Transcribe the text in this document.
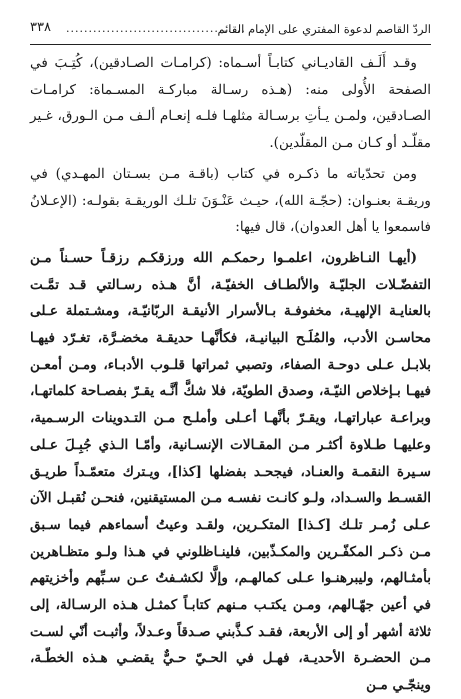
الردّ القاصم لدعوة المفتري على الإمام القائم
........................................
٣٣٨

وقـد أَلَـف القاديـاني كتابـاً أسـماه: (كرامـات الصـادقين)، كُتِـبَ في الصفحة الأُولى منه: (هـذه رسـالة مباركـة المسـماة: كرامـات الصـادقين، ولمـن يـأتِ برسـالة مثلهـا فلـه إنعـام ألـف مـن الـورق، غـير مقلّـد أو كـان مـن المقلّدين).

ومن تحدّياته ما ذكـره في كتاب (باقـة مـن بسـتان المهـدي) في وريقـة بعنـوان: (حجّـة الله)، حيـث عَنْـوَنَ تلـك الوريقـة بقولـه: (الإعـلانُ فاسمعوا يا أهل العدوان)، قال فيها:

(أيهـا النـاظرون، اعلمـوا رحمكـم الله ورزقكـم رزقـاً حسـناً مـن التفضّـلات الجليّـة والألطـاف الخفيّـة، أنَّ هـذه رسـالتي قـد تمَّـت بالعنايـة الإلهيـة، مخفوفـة بـالأسرار الأنيقـة الربّانيّـة، ومشـتملة عـلى محاسـن الأدب، والمُلَـح البيانيـة، فكأنَّهـا حديقـة مخضـرَّة، تغـرّد فيهـا بلابـل عـلى دوحـة الصفاء، وتصبي ثمراتها قلـوب الأدبـاء، ومـن أمعـن فيهـا بـإخلاص النيّـة، وصدق الطويّة، فلا شكَّ أنَّـه يقـرّ بفصـاحة كلماتهـا، وبراعـة عباراتهـا، ويقـرّ بأنَّهـا أعـلى وأملـح مـن التـدوينات الرسـمية، وعليهـا طـلاوة أكثـر مـن المقـالات الإنسـانية، وأمّـا الـذي جُبِـلَ عـلى سـيرة النقمـة والعنـاد، فيجحـد بفضلها [كذا]، ويـترك متعمّـداً طريـق القسـط والسـداد، ولـو كانـت نفسـه مـن المستيقنين، فنحـن نُقبـل الآن عـلى زُمـر تلـك [كـذا] المتكـرين، ولقـد وعيتُ أسماءهم فيما سـبق مـن ذكـر المكفّـرين والمكـذّبين، فلينـاظلوني في هـذا ولـو متظـاهرين بأمثـالهم، وليبرهنـوا عـلى كمالهـم، وإلَّا لكشـفتُ عـن سـبِّهم وأخزيتهم في أعين جهّـالهم، ومـن يكتـب مـنهم كتابـاً كمثـل هـذه الرسـالة، إلى ثلاثة أشهر أو إلى الأربعة، فقـد كـذَّبني صـدقاً وعـدلاً، وأثبـت أنّي لسـت مـن الحضـرة الأحديـة، فهـل في الحـيّ حـيٌّ يقضـي هـذه الخطّـة، وينجّـي مـن
